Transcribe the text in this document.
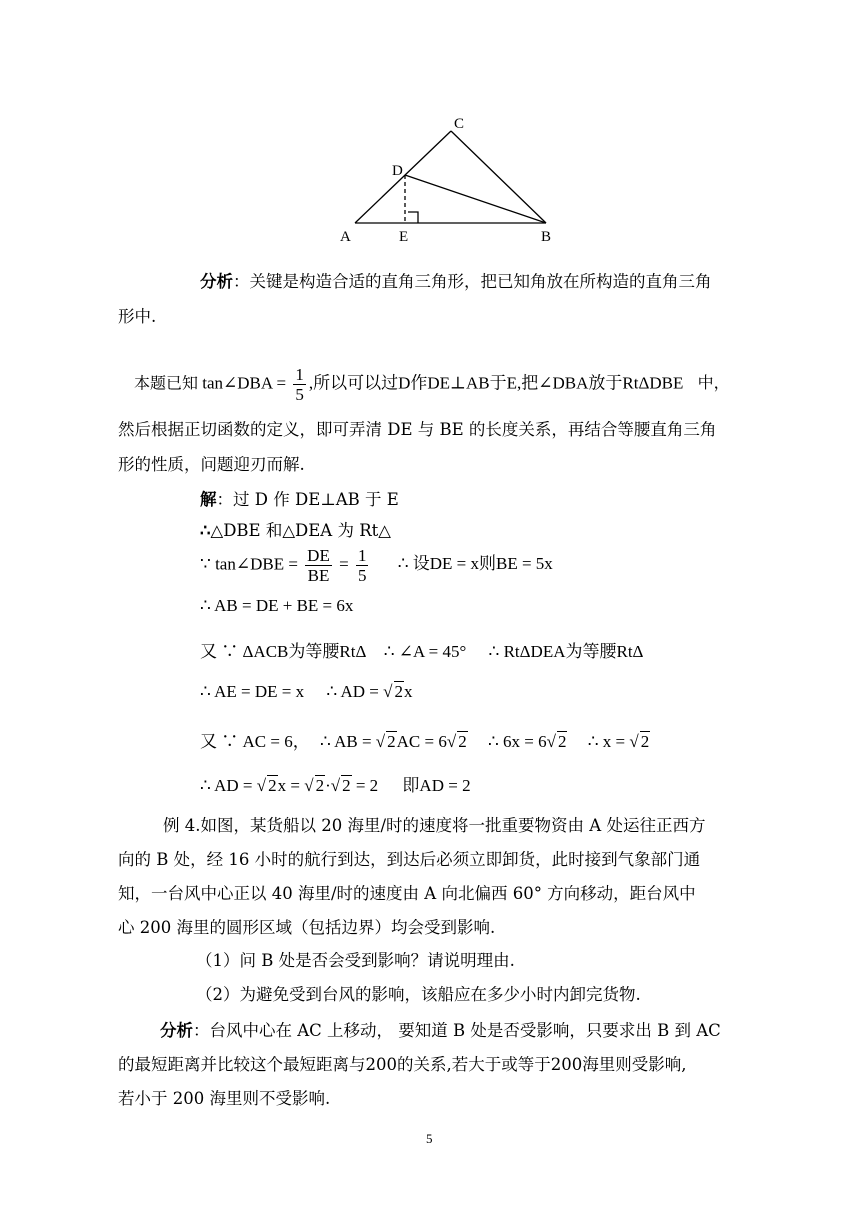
C
D
A	E	B
分析：关键是构造合适的直角三角形，把已知角放在所构造的直角三角
形中.
本题已知 tan∠DBA = $\frac{1}{5}$ ,所以可以过D作DE⊥AB于E,把∠DBA放于RtΔDBE 中，
然后根据正切函数的定义，即可弄清 DE 与 BE 的长度关系，再结合等腰直角三角
形的性质，问题迎刃而解.
解：过 D 作 DE⊥AB 于 E
∴△DBE 和△DEA 为 Rt△
∵ tan∠DBE = $\frac{DE}{BE} = \frac{1}{5}$ ∴ 设DE = x则BE = 5x
∴ AB = DE + BE = 6x
又 ∵ ΔACB为等腰RtΔ ∴ ∠A = 45° ∴ RtΔDEA为等腰RtΔ
∴ AE = DE = x ∴ AD = √ 2x
又 ∵ AC = 6， ∴ AB = √ 2AC = 6√ 2 ∴ 6x = 6√ 2 ∴ x = √ 2
∴ AD = √ 2x = √ 2·√ 2 = 2 即AD = 2
例 4.如图，某货船以 20 海里/时的速度将一批重要物资由 A 处运往正西方
向的 B 处，经 16 小时的航行到达，到达后必须立即卸货，此时接到气象部门通
知，一台风中心正以 40 海里/时的速度由 A 向北偏西 60° 方向移动，距台风中
心 200 海里的圆形区域（包括边界）均会受到影响.
（1）问 B 处是否会受到影响？请说明理由.
（2）为避免受到台风的影响，该船应在多少小时内卸完货物.
分析：台风中心在 AC 上移动， 要知道 B 处是否受影响，只要求出 B 到 AC
的最短距离并比较这个最短距离与200的关系,若大于或等于200海里则受影响,
若小于 200 海里则不受影响.
5
